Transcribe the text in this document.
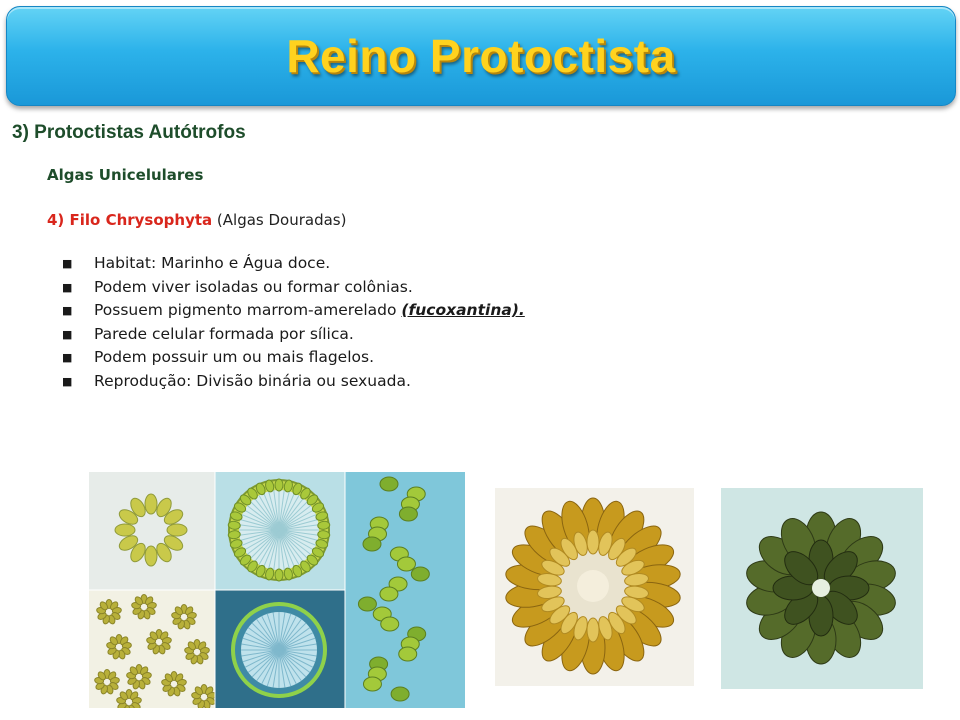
Reino Protoctista
3) Protoctistas Autótrofos
Algas Unicelulares
4) Filo Chrysophyta (Algas Douradas)
■ Habitat: Marinho e Água doce.
■ Podem viver isoladas ou formar colônias.
■ Possuem pigmento marrom-amerelado (fucoxantina).
■ Parede celular formada por sílica.
■ Podem possuir um ou mais flagelos.
■ Reprodução: Divisão binária ou sexuada.
